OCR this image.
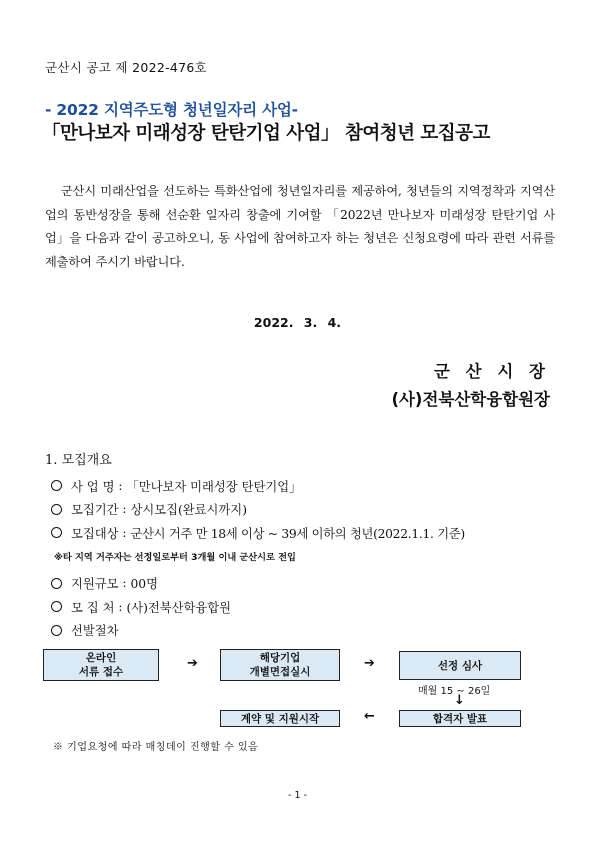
군산시 공고 제 2022-476호
- 2022 지역주도형 청년일자리 사업-
「만나보자 미래성장 탄탄기업 사업」 참여청년 모집공고

군산시 미래산업을 선도하는 특화산업에 청년일자리를 제공하여, 청년들의 지역정착과 지역산업의 동반성장을 통해 선순환 일자리 창출에 기여할 「2022년 만나보자 미래성장 탄탄기업 사업」을 다음과 같이 공고하오니, 동 사업에 참여하고자 하는 청년은 신청요령에 따라 관련 서류를 제출하여 주시기 바랍니다.

2022. 3. 4.
군 산 시 장
(사)전북산학융합원장
1. 모집개요
사 업 명 : 「만나보자 미래성장 탄탄기업」
모집기간 : 상시모집(완료시까지)
모집대상 : 군산시 거주 만 18세 이상 ~ 39세 이하의 청년(2022.1.1. 기준)
지원규모 : 00명
모 집 처 : (사)전북산학융합원
선발절차
※타 지역 거주자는 선정일로부터 3개월 이내 군산시로 전입
온라인
서류 접수
➔	해당기업
개별면접실시
➔	선정 심사
매월 15 ~ 26일
↓
합격자 발표
←
계약 및 지원시작
※ 기업요청에 따라 매칭데이 진행할 수 있음
- 1 -
